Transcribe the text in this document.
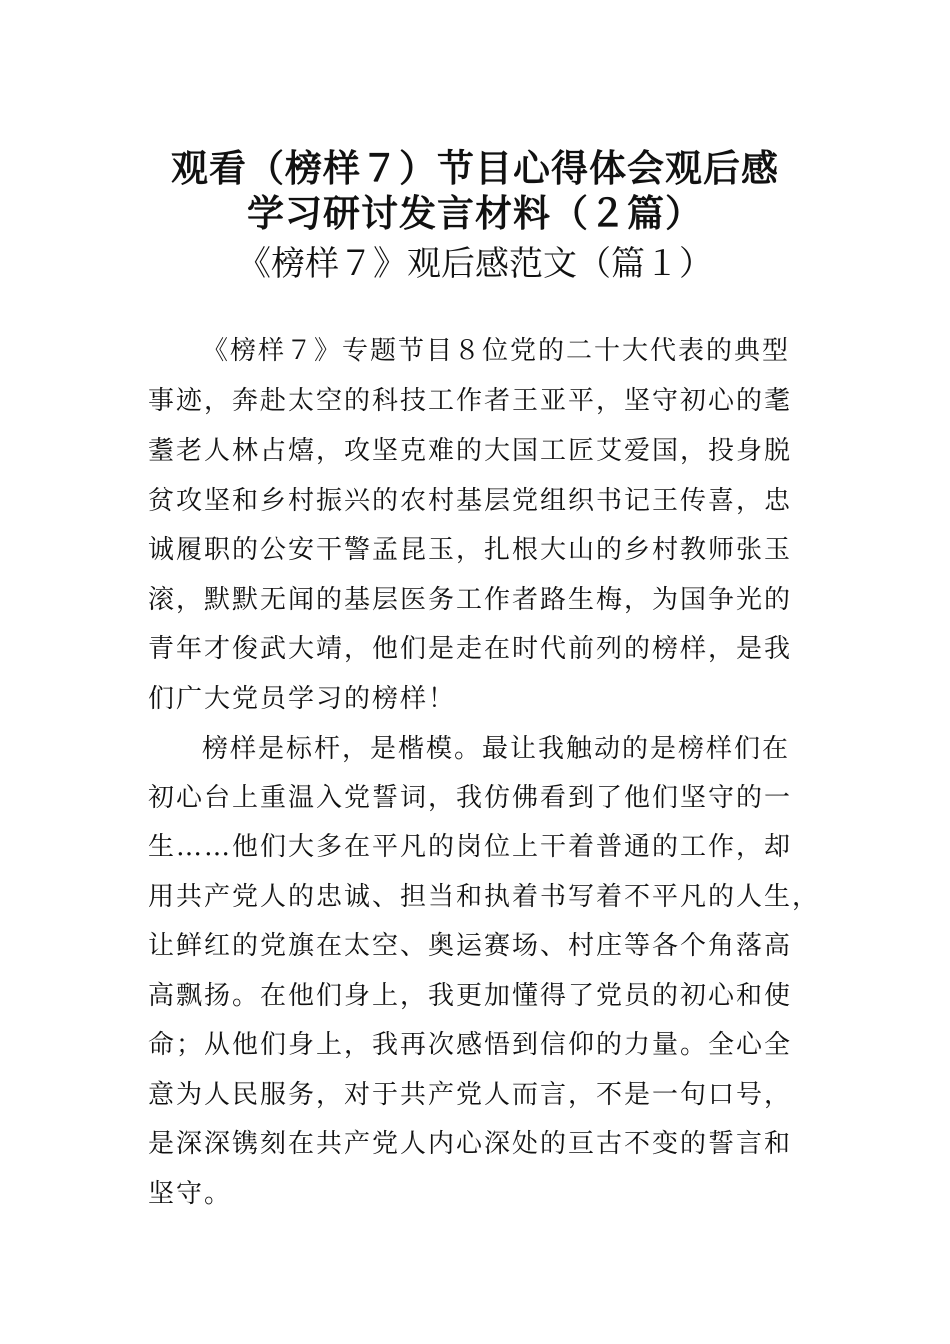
观看（榜样７）节目心得体会观后感
学习研讨发言材料（２篇）
《榜样７》观后感范文（篇１）
《榜样７》专题节目８位党的二十大代表的典型
事迹，奔赴太空的科技工作者王亚平，坚守初心的耄
耋老人林占熺，攻坚克难的大国工匠艾爱国，投身脱
贫攻坚和乡村振兴的农村基层党组织书记王传喜，忠
诚履职的公安干警孟昆玉，扎根大山的乡村教师张玉
滚，默默无闻的基层医务工作者路生梅，为国争光的
青年才俊武大靖，他们是走在时代前列的榜样，是我
们广大党员学习的榜样！
榜样是标杆，是楷模。最让我触动的是榜样们在
初心台上重温入党誓词，我仿佛看到了他们坚守的一
生……他们大多在平凡的岗位上干着普通的工作，却
用共产党人的忠诚、担当和执着书写着不平凡的人生，
让鲜红的党旗在太空、奥运赛场、村庄等各个角落高
高飘扬。在他们身上，我更加懂得了党员的初心和使
命；从他们身上，我再次感悟到信仰的力量。全心全
意为人民服务，对于共产党人而言，不是一句口号，
是深深镌刻在共产党人内心深处的亘古不变的誓言和
坚守。
